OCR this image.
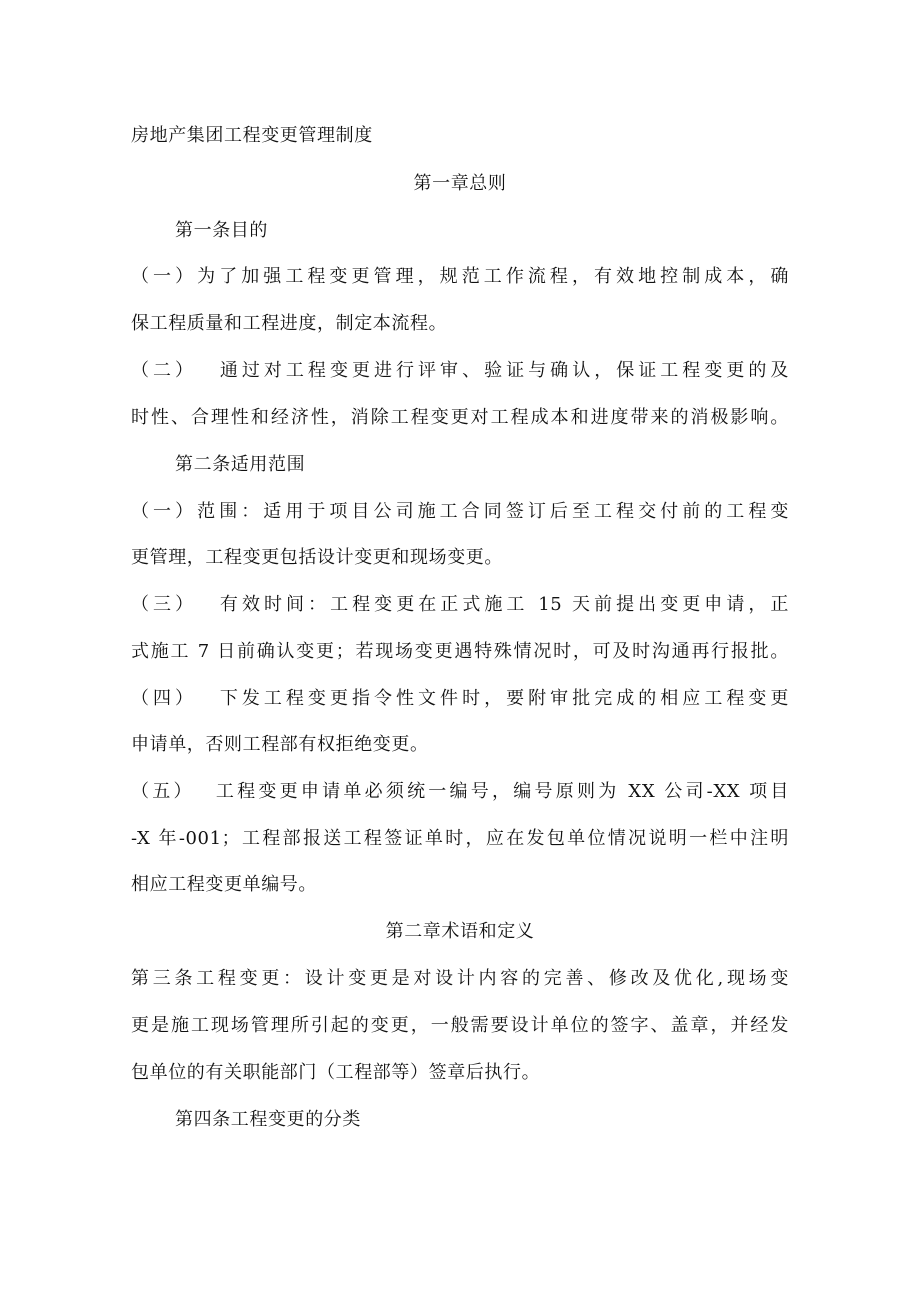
房地产集团工程变更管理制度
第一章总则
第一条目的
（一）为了加强工程变更管理，规范工作流程，有效地控制成本，确
保工程质量和工程进度，制定本流程。
（二）　 通过对工程变更进行评审、验证与确认，保证工程变更的及
时性、合理性和经济性，消除工程变更对工程成本和进度带来的消极影响。
第二条适用范围
（一）范围：适用于项目公司施工合同签订后至工程交付前的工程变
更管理，工程变更包括设计变更和现场变更。
（三）　 有效时间：工程变更在正式施工 15 天前提出变更申请，正
式施工 7 日前确认变更；若现场变更遇特殊情况时，可及时沟通再行报批。
（四）　 下发工程变更指令性文件时，要附审批完成的相应工程变更
申请单，否则工程部有权拒绝变更。
（五）　 工程变更申请单必须统一编号，编号原则为 XX 公司-XX 项目
-X 年-001；工程部报送工程签证单时，应在发包单位情况说明一栏中注明
相应工程变更单编号。
第二章术语和定义
第三条工程变更：设计变更是对设计内容的完善、修改及优化,现场变
更是施工现场管理所引起的变更，一般需要设计单位的签字、盖章，并经发
包单位的有关职能部门（工程部等）签章后执行。
第四条工程变更的分类
